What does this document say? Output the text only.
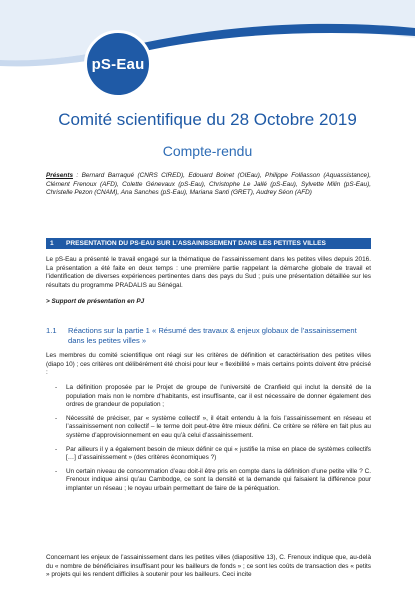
pS-Eau
Comité scientifique du 28 Octobre 2019
Compte-rendu
Présents : Bernard Barraqué (CNRS CIRED), Edouard Boinet (OIEau), Philippe Folliasson (Aquassistance), Clément Frenoux (AFD), Colette Génevaux (pS-Eau), Christophe Le Jallé (pS-Eau), Sylvette Milin (pS-Eau), Christelle Pezon (CNAM), Ana Sanches (pS-Eau), Mariana Santi (GRET), Audrey Séon (AFD)
1	PRESENTATION DU PS-EAU SUR L’ASSAINISSEMENT DANS LES PETITES VILLES
Le pS-Eau a présenté le travail engagé sur la thématique de l’assainissement dans les petites villes depuis 2016. La présentation a été faite en deux temps : une première partie rappelant la démarche globale de travail et l’identification de diverses expériences pertinentes dans des pays du Sud ; puis une présentation détaillée sur les résultats du programme PRADALIS au Sénégal.
> Support de présentation en PJ
1.1	Réactions sur la partie 1 « Résumé des travaux & enjeux globaux de l’assainissement dans les petites villes »
Les membres du comité scientifique ont réagi sur les critères de définition et caractérisation des petites villes (diapo 10) ; ces critères ont délibérément été choisi pour leur « flexibilité » mais certains points doivent être précisé :
- La définition proposée par le Projet de groupe de l’université de Cranfield qui inclut la densité de la population mais non le nombre d’habitants, est insuffisante, car il est nécessaire de donner également des ordres de grandeur de population ;
- Nécessité de préciser, par « système collectif », il était entendu à la fois l’assainissement en réseau et l’assainissement non collectif – le terme doit peut-être être mieux défini. Ce critère se réfère en fait plus au système d’approvisionnement en eau qu’à celui d’assainissement.
- Par ailleurs il y a également besoin de mieux définir ce qui « justifie la mise en place de systèmes collectifs […] d’assainissement » (des critères économiques ?)
- Un certain niveau de consommation d’eau doit-il être pris en compte dans la définition d’une petite ville ? C. Frenoux indique ainsi qu’au Cambodge, ce sont la densité et la demande qui faisaient la différence pour implanter un réseau ; le noyau urbain permettant de faire de la péréquation.
Concernant les enjeux de l’assainissement dans les petites villes (diapositive 13), C. Frenoux indique que, au-delà du « nombre de bénéficiaires insuffisant pour les bailleurs de fonds » ; ce sont les coûts de transaction des « petits » projets qui les rendent difficiles à soutenir pour les bailleurs. Ceci incite
